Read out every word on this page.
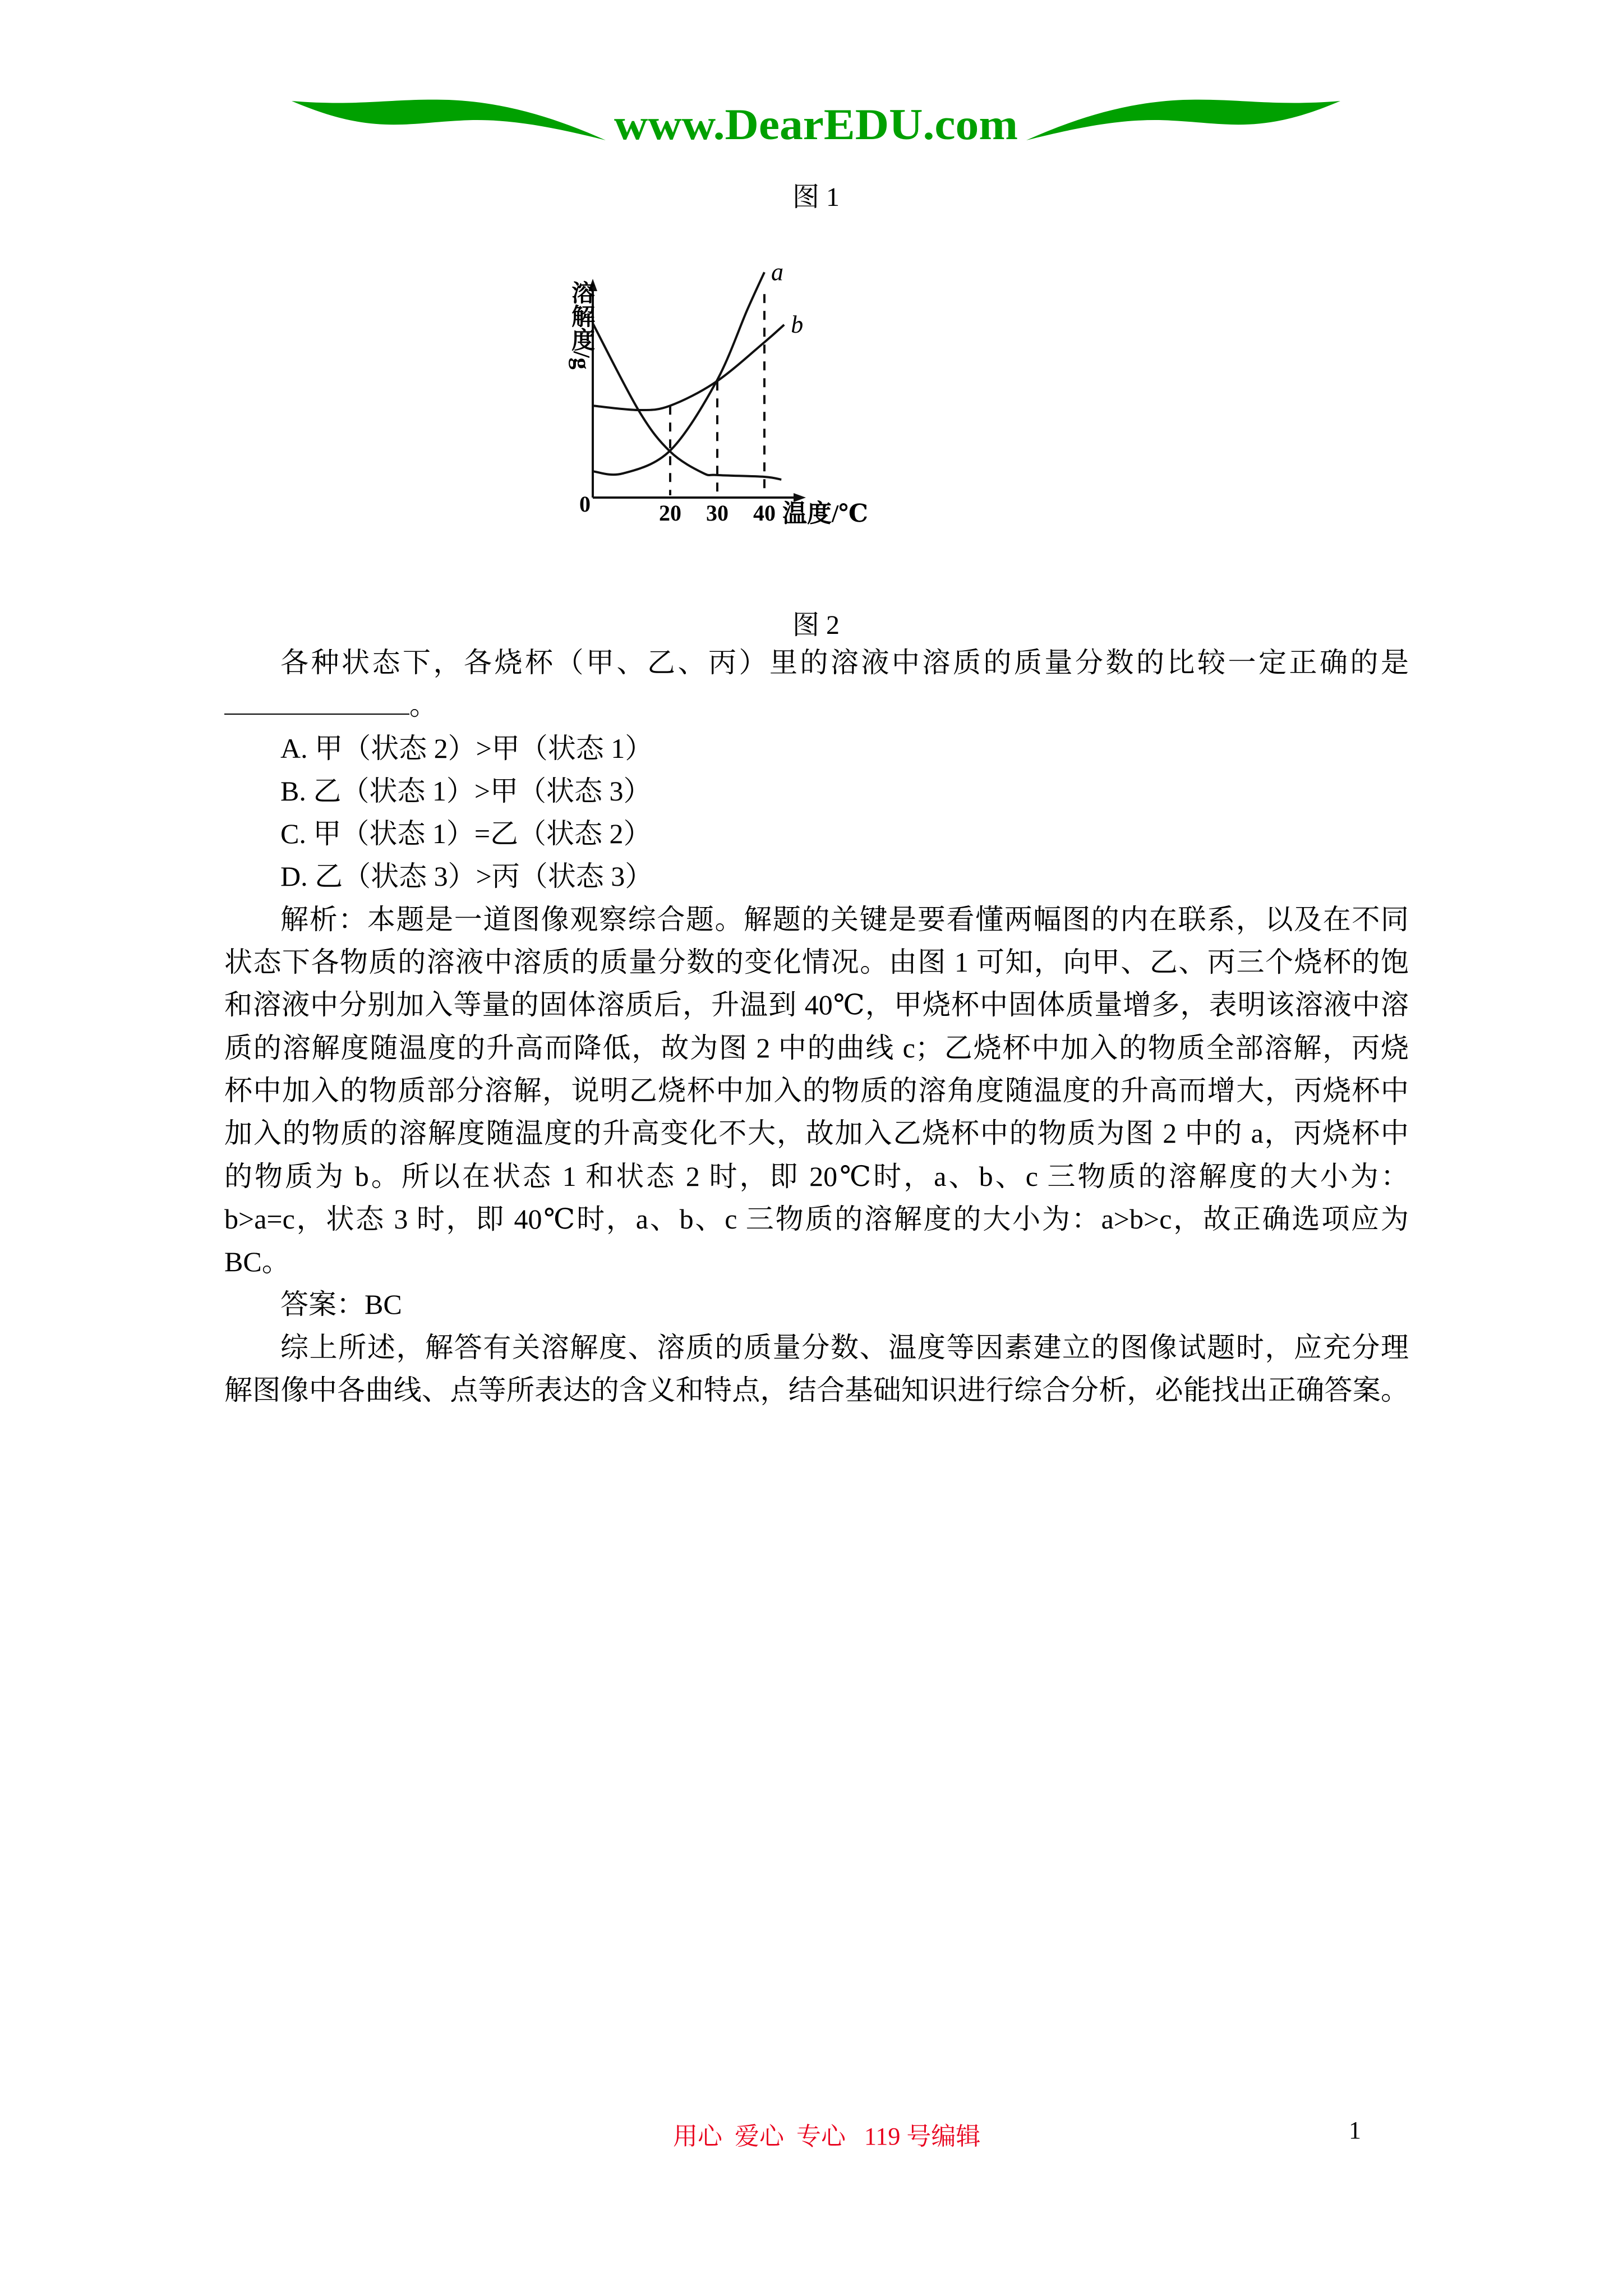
www.DearEDU.com
图 1
a
b
20 30 40
0	温度/℃
溶解度/g
图 2
各种状态下，各烧杯（甲、乙、丙）里的溶液中溶质的质量分数的比较一定正确的是
。
A. 甲（状态 2）>甲（状态 1）
B. 乙（状态 1）>甲（状态 3）
C. 甲（状态 1）=乙（状态 2）
D. 乙（状态 3）>丙（状态 3）
解析：本题是一道图像观察综合题。解题的关键是要看懂两幅图的内在联系，以及在不同
状态下各物质的溶液中溶质的质量分数的变化情况。由图 1 可知，向甲、乙、丙三个烧杯的饱
和溶液中分别加入等量的固体溶质后，升温到 40℃，甲烧杯中固体质量增多，表明该溶液中溶
质的溶解度随温度的升高而降低，故为图 2 中的曲线 c；乙烧杯中加入的物质全部溶解，丙烧
杯中加入的物质部分溶解，说明乙烧杯中加入的物质的溶角度随温度的升高而增大，丙烧杯中
加入的物质的溶解度随温度的升高变化不大，故加入乙烧杯中的物质为图 2 中的 a，丙烧杯中
的物质为 b。所以在状态 1 和状态 2 时，即 20℃时，a、b、c 三物质的溶解度的大小为：
b>a=c，状态 3 时，即 40℃时，a、b、c 三物质的溶解度的大小为：a>b>c，故正确选项应为
BC。
答案：BC
综上所述，解答有关溶解度、溶质的质量分数、温度等因素建立的图像试题时，应充分理
解图像中各曲线、点等所表达的含义和特点，结合基础知识进行综合分析，必能找出正确答案。
用心  爱心  专心   119 号编辑	1
